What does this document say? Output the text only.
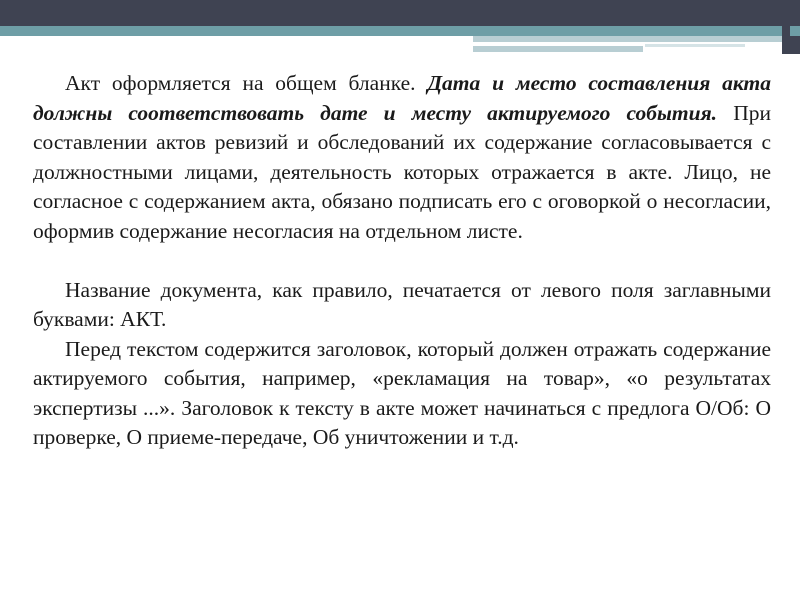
Акт оформляется на общем бланке. Дата и место составления акта должны соответствовать дате и месту актируемого события. При составлении актов ревизий и обследований их содержание согласовывается с должностными лицами, деятельность которых отражается в акте. Лицо, не согласное с содержанием акта, обязано подписать его с оговоркой о несогласии, оформив содержание несогласия на отдельном листе.

Название документа, как правило, печатается от левого поля заглавными буквами: АКТ.

Перед текстом содержится заголовок, который должен отражать содержание актируемого события, например, «рекламация на товар», «о результатах экспертизы ...». Заголовок к тексту в акте может начинаться с предлога О/Об: О проверке, О приеме-передаче, Об уничтожении и т.д.
